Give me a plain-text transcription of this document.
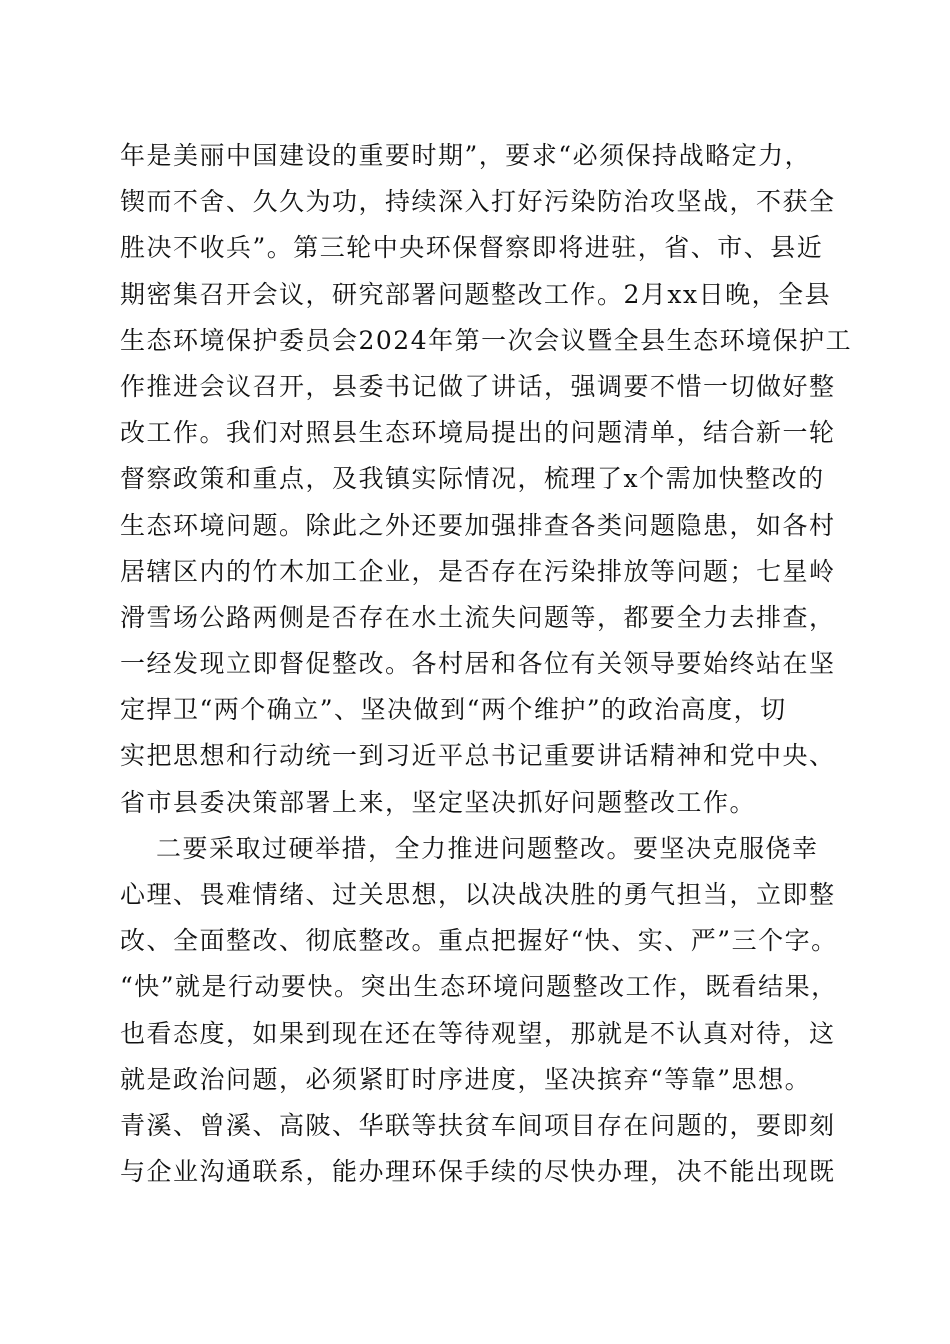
年是美丽中国建设的重要时期”，要求“必须保持战略定力，
锲而不舍、久久为功，持续深入打好污染防治攻坚战，不获全
胜决不收兵”。第三轮中央环保督察即将进驻，省、市、县近
期密集召开会议，研究部署问题整改工作。2月xx日晚，全县
生态环境保护委员会2024年第一次会议暨全县生态环境保护工
作推进会议召开，县委书记做了讲话，强调要不惜一切做好整
改工作。我们对照县生态环境局提出的问题清单，结合新一轮
督察政策和重点，及我镇实际情况，梳理了x个需加快整改的
生态环境问题。除此之外还要加强排查各类问题隐患，如各村
居辖区内的竹木加工企业，是否存在污染排放等问题；七星岭
滑雪场公路两侧是否存在水土流失问题等，都要全力去排查，
一经发现立即督促整改。各村居和各位有关领导要始终站在坚
定捍卫“两个确立”、坚决做到“两个维护”的政治高度，切
实把思想和行动统一到习近平总书记重要讲话精神和党中央、
省市县委决策部署上来，坚定坚决抓好问题整改工作。
二要采取过硬举措，全力推进问题整改。要坚决克服侥幸
心理、畏难情绪、过关思想，以决战决胜的勇气担当，立即整
改、全面整改、彻底整改。重点把握好“快、实、严”三个字。
“快”就是行动要快。突出生态环境问题整改工作，既看结果，
也看态度，如果到现在还在等待观望，那就是不认真对待，这
就是政治问题，必须紧盯时序进度，坚决摈弃“等靠”思想。
青溪、曾溪、高陂、华联等扶贫车间项目存在问题的，要即刻
与企业沟通联系，能办理环保手续的尽快办理，决不能出现既
